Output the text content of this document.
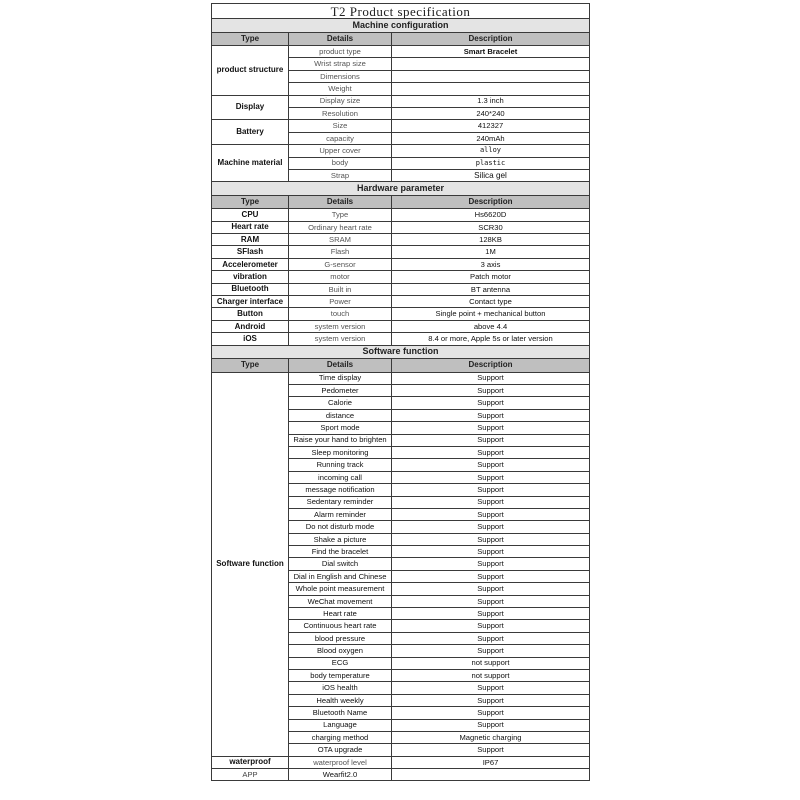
T2 Product specification		
Machine configuration		
Type	Details	Description
product structure	product type	Smart Bracelet
	Wrist strap size	
	Dimensions	
	Weight	
Display	Display size	1.3 inch
	Resolution	240*240
Battery	Size	412327
	capacity	240mAh
Machine material	Upper cover	alloy
	body	plastic
	Strap	Silica gel
Hardware parameter		
Type	Details	Description
CPU	Type	Hs6620D
Heart rate	Ordinary heart rate	SCR30
RAM	SRAM	128KB
SFlash	Flash	1M
Accelerometer	G-sensor	3 axis
vibration	motor	Patch motor
Bluetooth	Built in	BT antenna
Charger interface	Power	Contact type
Button	touch	Single point + mechanical button
Android	system version	above 4.4
iOS	system version	8.4 or more, Apple 5s or later version
Software function		
Type	Details	Description
Software function	Time display	Support
	Pedometer	Support
	Calorie	Support
	distance	Support
	Sport mode	Support
	Raise your hand to brighten	Support
	Sleep monitoring	Support
	Running track	Support
	incoming call	Support
	message notification	Support
	Sedentary reminder	Support
	Alarm reminder	Support
	Do not disturb mode	Support
	Shake a picture	Support
	Find the bracelet	Support
	Dial switch	Support
	Dial in English and Chinese	Support
	Whole point measurement	Support
	WeChat movement	Support
	Heart rate	Support
	Continuous heart rate	Support
	blood pressure	Support
	Blood oxygen	Support
	ECG	not support
	body temperature	not support
	iOS health	Support
	Health weekly	Support
	Bluetooth Name	Support
	Language	Support
	charging method	Magnetic charging
	OTA upgrade	Support
waterproof	waterproof level	IP67
APP	Wearfit2.0	
